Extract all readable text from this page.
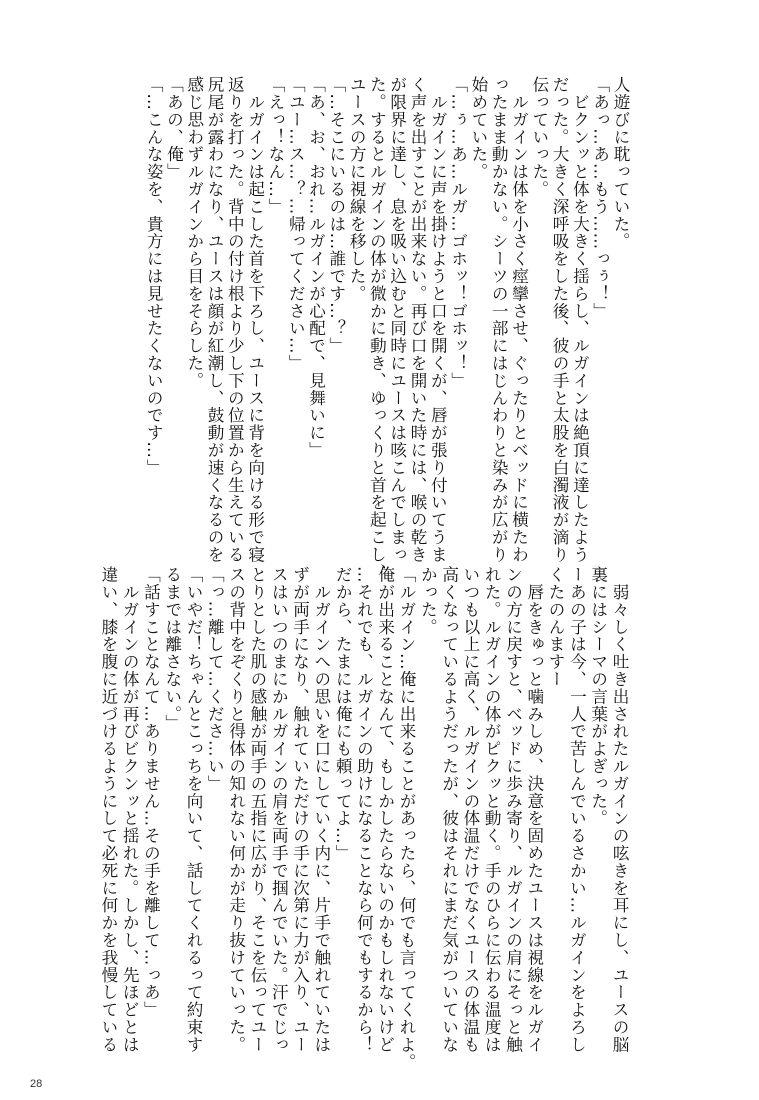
人遊びに耽っていた。
「あっ…あ…もう……っぅ！」
　ビクンッと体を大きく揺らし、ルガインは絶頂に達したよう
だった。大きく深呼吸をした後、彼の手と太股を白濁液が滴り
伝っていった。
　ルガインは体を小さく痙攣させ、ぐったりとベッドに横たわ
ったまま動かない。シーツの一部にはじんわりと染みが広がり
始めていた。
「…ぅ…あ…ルガ…ゴホッ！ゴホッ！」
　ルガインに声を掛けようと口を開くが、唇が張り付いてうま
く声を出すことが出来ない。再び口を開いた時には、喉の乾き
が限界に達し、息を吸い込むと同時にユースは咳こんでしまっ
た。するとルガインの体が微かに動き、ゆっくりと首を起こし、
ユースの方に視線を移した。
「…そこにいるのは…誰です…？」
「あ、お、おれ…ルガインが心配で、見舞いに」
「ユー…ス…？…帰ってください…」
「えっ！なん…」
　ルガインは起こした首を下ろし、ユースに背を向ける形で寝
返りを打った。背中の付け根より少し下の位置から生えている
尻尾が露わになり、ユースは顔が紅潮し、鼓動が速くなるのを
感じ思わずルガインから目をそらした。
「あの、俺」
「…こんな姿を、貴方には見せたくないのです…」
　弱々しく吐き出されたルガインの呟きを耳にし、ユースの脳
裏にはシーマの言葉がよぎった。
ーあの子は今、一人で苦しんでいるさかい…ルガインをよろし
くたのんますー
　唇をきゅっと噛みしめ、決意を固めたユースは視線をルガイ
ンの方に戻すと、ベッドに歩み寄り、ルガインの肩にそっと触
れた。ルガインの体がピクッと動く。手のひらに伝わる温度は
いつも以上に高く、ルガインの体温だけでなくユースの体温も
高くなっているようだったが、彼はそれにまだ気がついていな
かった。
「ルガイン…俺に出来ることがあったら、何でも言ってくれよ。
俺が出来ることなんて、もしかしたらないのかもしれないけど
…それでも、ルガインの助けになることなら何でもするから！
だから、たまには俺にも頼ってよ…」
　ルガインへの思いを口にしていく内に、片手で触れていたは
ずが両手になり、触れていただけの手に次第に力が入り、ユー
スはいつのまにかルガインの肩を両手で掴んでいた。汗でじっ
とりとした肌の感触が両手の五指に広がり、そこを伝ってユー
スの背中をぞくりと得体の知れない何かが走り抜けていった。
「っ…離して…くださ…い」
「いやだ！ちゃんとこっちを向いて、話してくれるって約束す
るまでは離さない。」
「話すことなんて…ありません…その手を離して…っあ」
　ルガインの体が再びビクンッと揺れた。しかし、先ほどとは
違い、膝を腹に近づけるようにして必死に何かを我慢している
28
